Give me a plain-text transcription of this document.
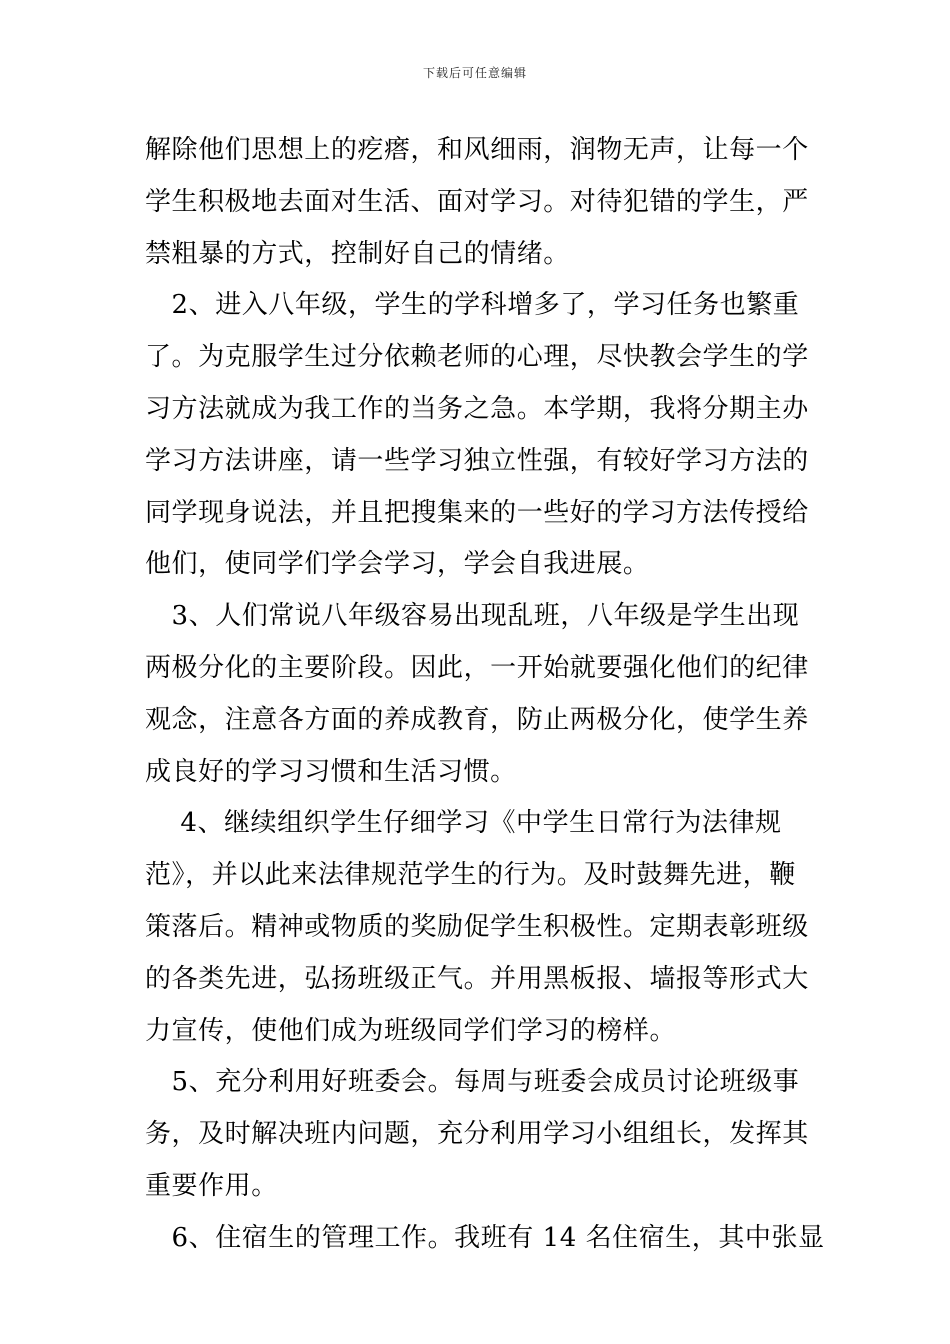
下载后可任意编辑
解除他们思想上的疙瘩，和风细雨，润物无声，让每一个
学生积极地去面对生活、面对学习。对待犯错的学生，严
禁粗暴的方式，控制好自己的情绪。
　2、进入八年级，学生的学科增多了，学习任务也繁重
了。为克服学生过分依赖老师的心理，尽快教会学生的学
习方法就成为我工作的当务之急。本学期，我将分期主办
学习方法讲座，请一些学习独立性强，有较好学习方法的
同学现身说法，并且把搜集来的一些好的学习方法传授给
他们，使同学们学会学习，学会自我进展。
　3、人们常说八年级容易出现乱班，八年级是学生出现
两极分化的主要阶段。因此，一开始就要强化他们的纪律
观念，注意各方面的养成教育，防止两极分化，使学生养
成良好的学习习惯和生活习惯。
　 4、继续组织学生仔细学习《中学生日常行为法律规
范》，并以此来法律规范学生的行为。及时鼓舞先进，鞭
策落后。精神或物质的奖励促学生积极性。定期表彰班级
的各类先进，弘扬班级正气。并用黑板报、墙报等形式大
力宣传，使他们成为班级同学们学习的榜样。
　5、充分利用好班委会。每周与班委会成员讨论班级事
务，及时解决班内问题，充分利用学习小组组长，发挥其
重要作用。
　6、住宿生的管理工作。我班有 14 名住宿生，其中张显
